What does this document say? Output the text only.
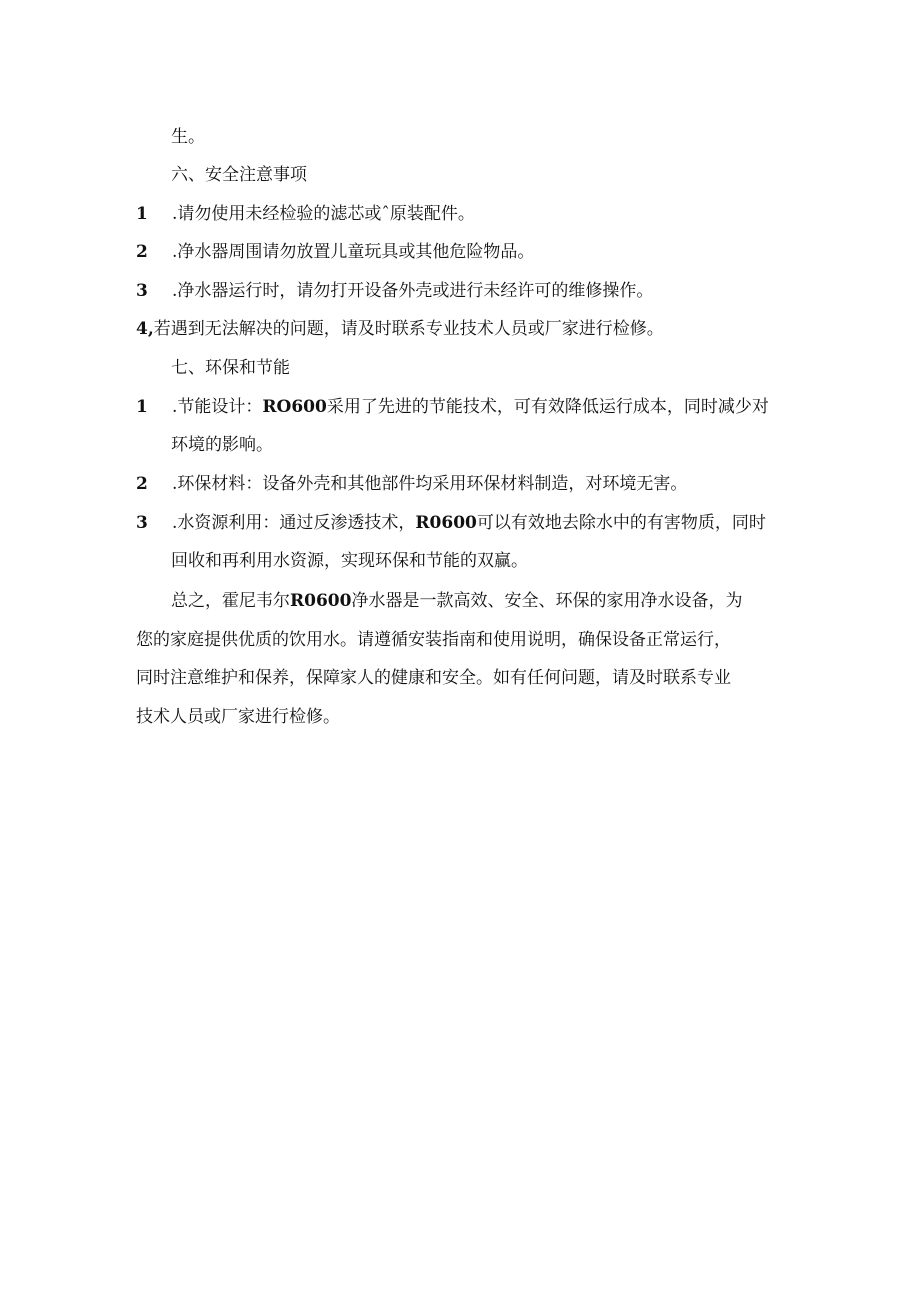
生。
六、安全注意事项
1 .请勿使用未经检验的滤芯或ˆ原装配件。
2 .净水器周围请勿放置儿童玩具或其他危险物品。
3 .净水器运行时，请勿打开设备外壳或进行未经许可的维修操作。
4,若遇到无法解决的问题，请及时联系专业技术人员或厂家进行检修。
七、环保和节能
1 .节能设计：RO600采用了先进的节能技术，可有效降低运行成本，同时减少对
环境的影响。
2 .环保材料：设备外壳和其他部件均采用环保材料制造，对环境无害。
3 .水资源利用：通过反渗透技术，R0600可以有效地去除水中的有害物质，同时
回收和再利用水资源，实现环保和节能的双赢。
总之，霍尼韦尔R0600净水器是一款高效、安全、环保的家用净水设备，为
您的家庭提供优质的饮用水。请遵循安装指南和使用说明，确保设备正常运行，
同时注意维护和保养，保障家人的健康和安全。如有任何问题，请及时联系专业
技术人员或厂家进行检修。
